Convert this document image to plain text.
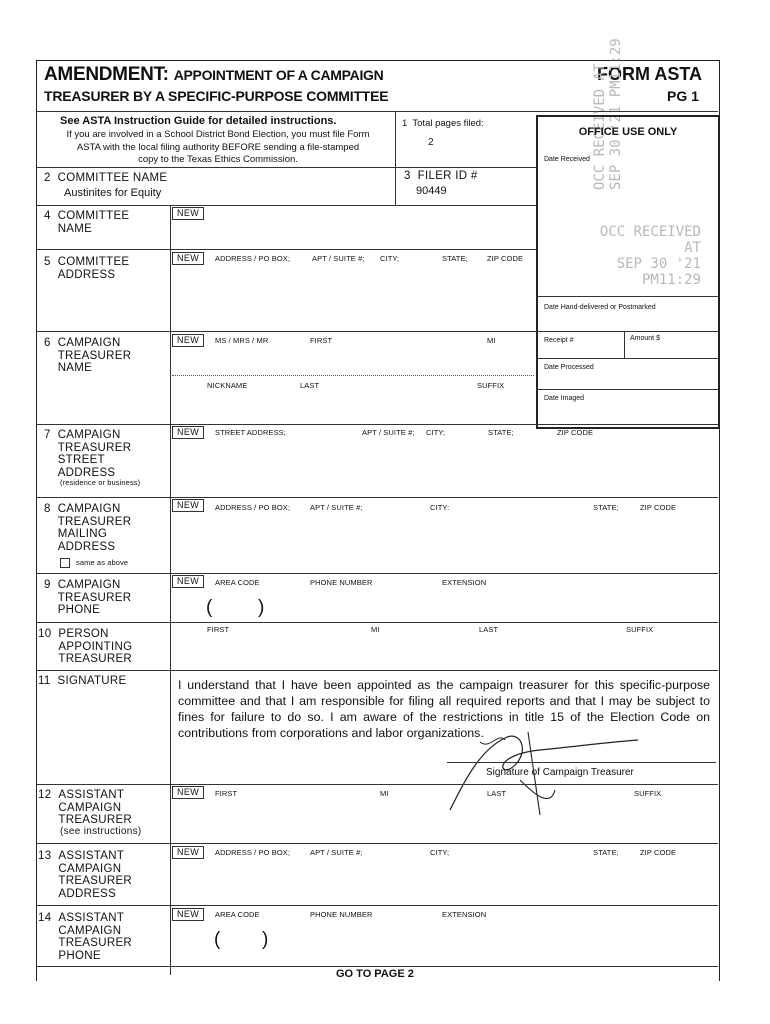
AMENDMENT: APPOINTMENT OF A CAMPAIGN
TREASURER BY A SPECIFIC-PURPOSE COMMITTEE
FORM ASTA
PG 1
OCC RECEIVED AT SEP 30 '21 PM11:29
See ASTA Instruction Guide for detailed instructions.
If you are involved in a School District Bond Election, you must file Form
ASTA with the local filing authority BEFORE sending a file-stamped
copy to the Texas Ethics Commission.
1  Total pages filed:
2
OFFICE USE ONLY
Date Received
2  COMMITTEE NAME
Austinites for Equity
3  FILER ID #
90449
4 COMMITTEE
NAME
NEW
OCC RECEIVED AT
SEP 30 '21 PM11:29
5 COMMITTEE
ADDRESS
NEW	ADDRESS / PO BOX;	APT / SUITE #; CITY;	STATE;	ZIP CODE
Date Hand-delivered or Postmarked
6 CAMPAIGN
TREASURER
NAME
NEW	MS / MRS / MR	FIRST	MI
NICKNAME	LAST	SUFFIX
Receipt #	Amount $
Date Processed
Date Imaged
7 CAMPAIGN
TREASURER
STREET
ADDRESS
(residence or business)
NEW	STREET ADDRESS;	APT / SUITE #; CITY;	STATE;	ZIP CODE
8 CAMPAIGN
TREASURER
MAILING
ADDRESS
same as above
NEW	ADDRESS / PO BOX;	APT / SUITE #;	CITY:	STATE;	ZIP CODE
9 CAMPAIGN
TREASURER
PHONE
NEW	AREA CODE	PHONE NUMBER	EXTENSION
( )
10 PERSON
APPOINTING
TREASURER
FIRST	MI	LAST	SUFFIX
11 SIGNATURE	I understand that I have been appointed as the campaign treasurer for this specific-purpose committee and that I am responsible for filing all required reports and that I may be subject to fines for failure to do so. I am aware of the restrictions in title 15 of the Election Code on contributions from corporations and labor organizations.
Signature of Campaign Treasurer
12 ASSISTANT
CAMPAIGN
TREASURER
(see instructions)
NEW	FIRST	MI	LAST	SUFFIX
13 ASSISTANT
CAMPAIGN
TREASURER
ADDRESS
NEW	ADDRESS / PO BOX;	APT / SUITE #;	CITY;	STATE;	ZIP CODE
14 ASSISTANT
CAMPAIGN
TREASURER
PHONE
NEW	AREA CODE	PHONE NUMBER	EXTENSION
( )
GO TO PAGE 2
